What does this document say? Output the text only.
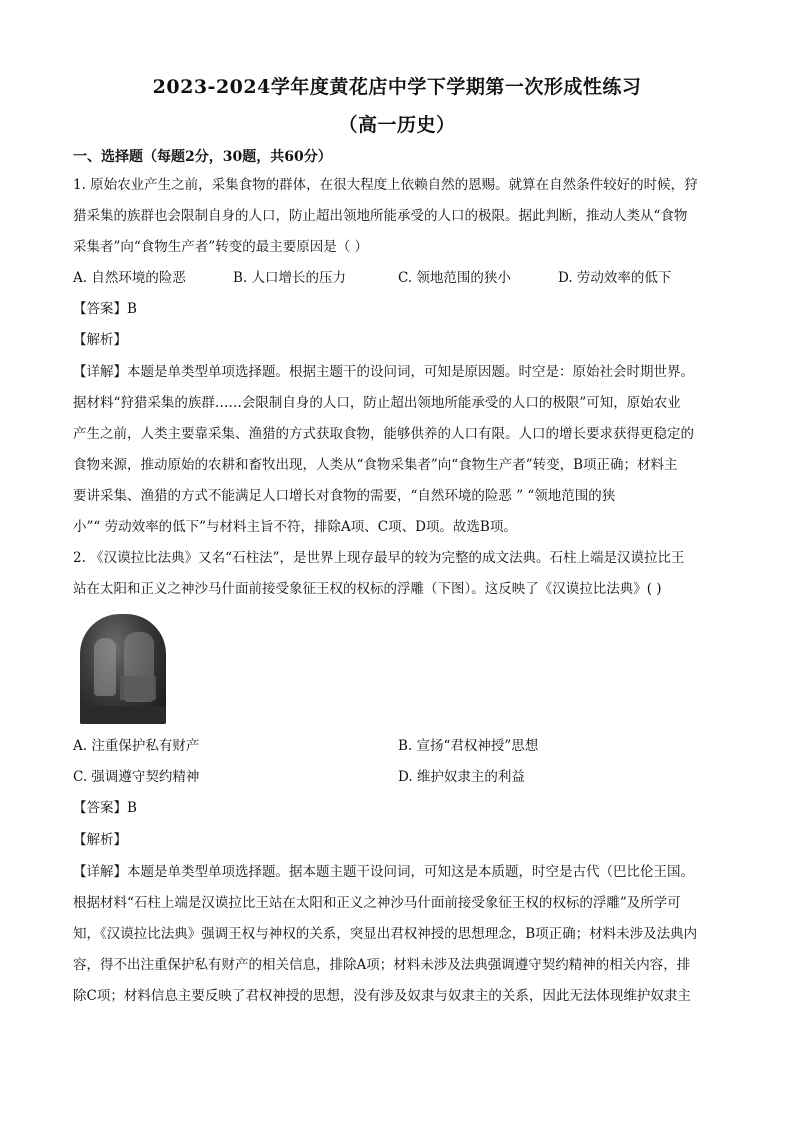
2023-2024学年度黄花店中学下学期第一次形成性练习
（高一历史）
一、选择题（每题2分，30题，共60分）
1. 原始农业产生之前，采集食物的群体，在很大程度上依赖自然的恩赐。就算在自然条件较好的时候，狩
猎采集的族群也会限制自身的人口，防止超出领地所能承受的人口的极限。据此判断，推动人类从“食物
采集者”向“食物生产者”转变的最主要原因是（ ）
A. 自然环境的险恶	B. 人口增长的压力	C. 领地范围的狭小	D. 劳动效率的低下
【答案】B
【解析】
【详解】本题是单类型单项选择题。根据主题干的设问词，可知是原因题。时空是：原始社会时期世界。
据材料“狩猎采集的族群……会限制自身的人口，防止超出领地所能承受的人口的极限”可知，原始农业
产生之前，人类主要靠采集、渔猎的方式获取食物，能够供养的人口有限。人口的增长要求获得更稳定的
食物来源，推动原始的农耕和畜牧出现，人类从“食物采集者”向“食物生产者”转变，B项正确；材料主
要讲采集、渔猎的方式不能满足人口增长对食物的需要，“自然环境的险恶 ” “领地范围的狭
小”“ 劳动效率的低下”与材料主旨不符，排除A项、C项、D项。故选B项。
2. 《汉谟拉比法典》又名“石柱法”，是世界上现存最早的较为完整的成文法典。石柱上端是汉谟拉比王
站在太阳和正义之神沙马什面前接受象征王权的权标的浮雕（下图）。这反映了《汉谟拉比法典》( )
A. 注重保护私有财产	B. 宣扬“君权神授”思想
C. 强调遵守契约精神	D. 维护奴隶主的利益
【答案】B
【解析】
【详解】本题是单类型单项选择题。据本题主题干设问词，可知这是本质题，时空是古代（巴比伦王国。
根据材料“石柱上端是汉谟拉比王站在太阳和正义之神沙马什面前接受象征王权的权标的浮雕”及所学可
知，《汉谟拉比法典》强调王权与神权的关系，突显出君权神授的思想理念，B项正确；材料未涉及法典内
容，得不出注重保护私有财产的相关信息，排除A项；材料未涉及法典强调遵守契约精神的相关内容，排
除C项；材料信息主要反映了君权神授的思想，没有涉及奴隶与奴隶主的关系，因此无法体现维护奴隶主
